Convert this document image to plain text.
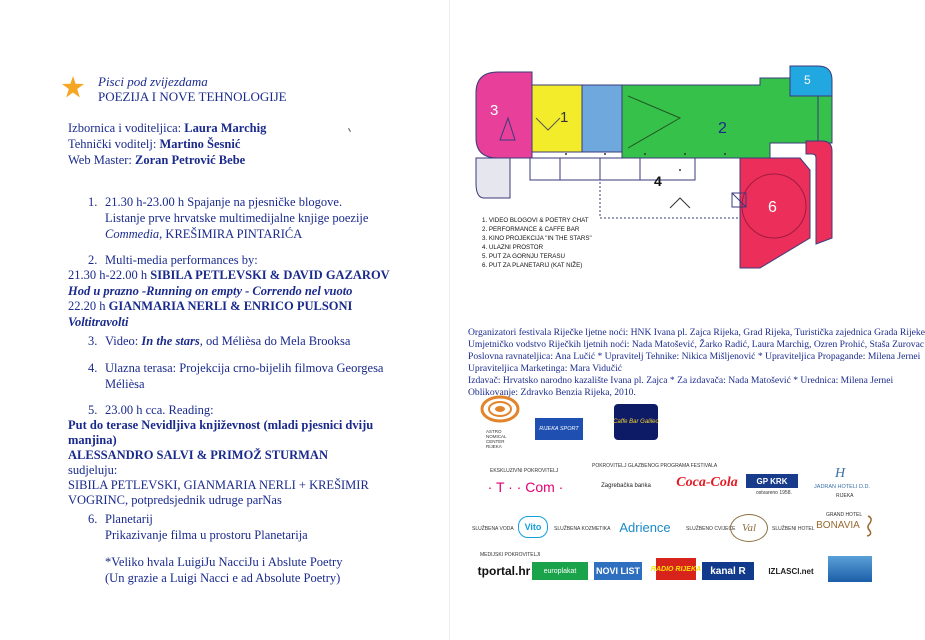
Pisci pod zvijezdama
POEZIJA I NOVE TEHNOLOGIJE
Izbornica i voditeljica: Laura Marchig
Tehnički voditelj: Martino Šesnić
Web Master: Zoran Petrović Bebe
1. 21.30 h-23.00 h Spajanje na pjesničke blogove.
Listanje prve hrvatske multimedijalne knjige poezije
Commedia, KREŠIMIRA PINTARIĆA
2. Multi-media performances by:
21.30 h-22.00 h SIBILA PETLEVSKI & DAVID GAZAROV
Hod u prazno -Running on empty - Correndo nel vuoto
22.20 h GIANMARIA NERLI & ENRICO PULSONI
Voltitravolti
3. Video: In the stars, od Mélièsa do Mela Brooksa
4. Ulazna terasa: Projekcija crno-bijelih filmova Georgesa
Mélièsa
5. 23.00 h cca. Reading:
Put do terase Nevidljiva književnost (mladi pjesnici dviju
manjina)
ALESSANDRO SALVI & PRIMOŽ STURMAN
sudjeluju:
SIBILA PETLEVSKI, GIANMARIA NERLI + KREŠIMIR
VOGRINC, potpredsjednik udruge parNas
6. Planetarij
Prikazivanje filma u prostoru Planetarija
*Veliko hvala LuigiJu NacciJu i Abslute Poetry
(Un grazie a Luigi Nacci e ad Absolute Poetry)
3	1
2
5
6
4
1. VIDEO BLOGOVI & POETRY CHAT
2. PERFORMANCE & CAFFE BAR
3. KINO PROJEKCIJA "IN THE STARS"
4. ULAZNI PROSTOR
5. PUT ZA GORNJU TERASU
6. PUT ZA PLANETARIJ (KAT NIŽE)
Organizatori festivala Riječke ljetne noći: HNK Ivana pl. Zajca Rijeka, Grad Rijeka, Turistička zajednica Grada Rijeke
Umjetničko vodstvo Riječkih ljetnih noći: Nada Matošević, Žarko Radić, Laura Marchig, Ozren Prohić, Staša Zurovac
Poslovna ravnateljica: Ana Lučić * Upravitelj Tehnike: Nikica Mišljenović * Upraviteljica Propagande: Milena Jernei
Upraviteljica Marketinga: Mara Vidučić
Izdavač: Hrvatsko narodno kazalište Ivana pl. Zajca * Za izdavača: Nada Matošević * Urednica: Milena Jernei
Oblikovanje: Zdravko Benzia Rijeka, 2010.
ASTRO NOMICAL CENTER RIJEKA
RIJEKA SPORT
Caffe Bar Galileo
EKSKLUZIVNI POKROVITELJ
· T · · Com ·
POKROVITELJ GLAZBENOG PROGRAMA FESTIVALA
Zagrebačka banka	Coca-Cola	GP KRK
ostvareno 1958.
JADRAN HOTELI D.D.
RIJEKA
H
SLUŽBENA VODA	Vito	SLUŽBENA KOZMETIKA Adrience	SLUŽBENO CVIJEĆE Val	SLUŽBENI HOTEL
GRAND HOTEL
BONAVIA
MEDIJSKI POKROVITELJI
tportal.hr	europlakat	NOVI LIST RADIO RIJEKA kanal R	IZLASCI.net
